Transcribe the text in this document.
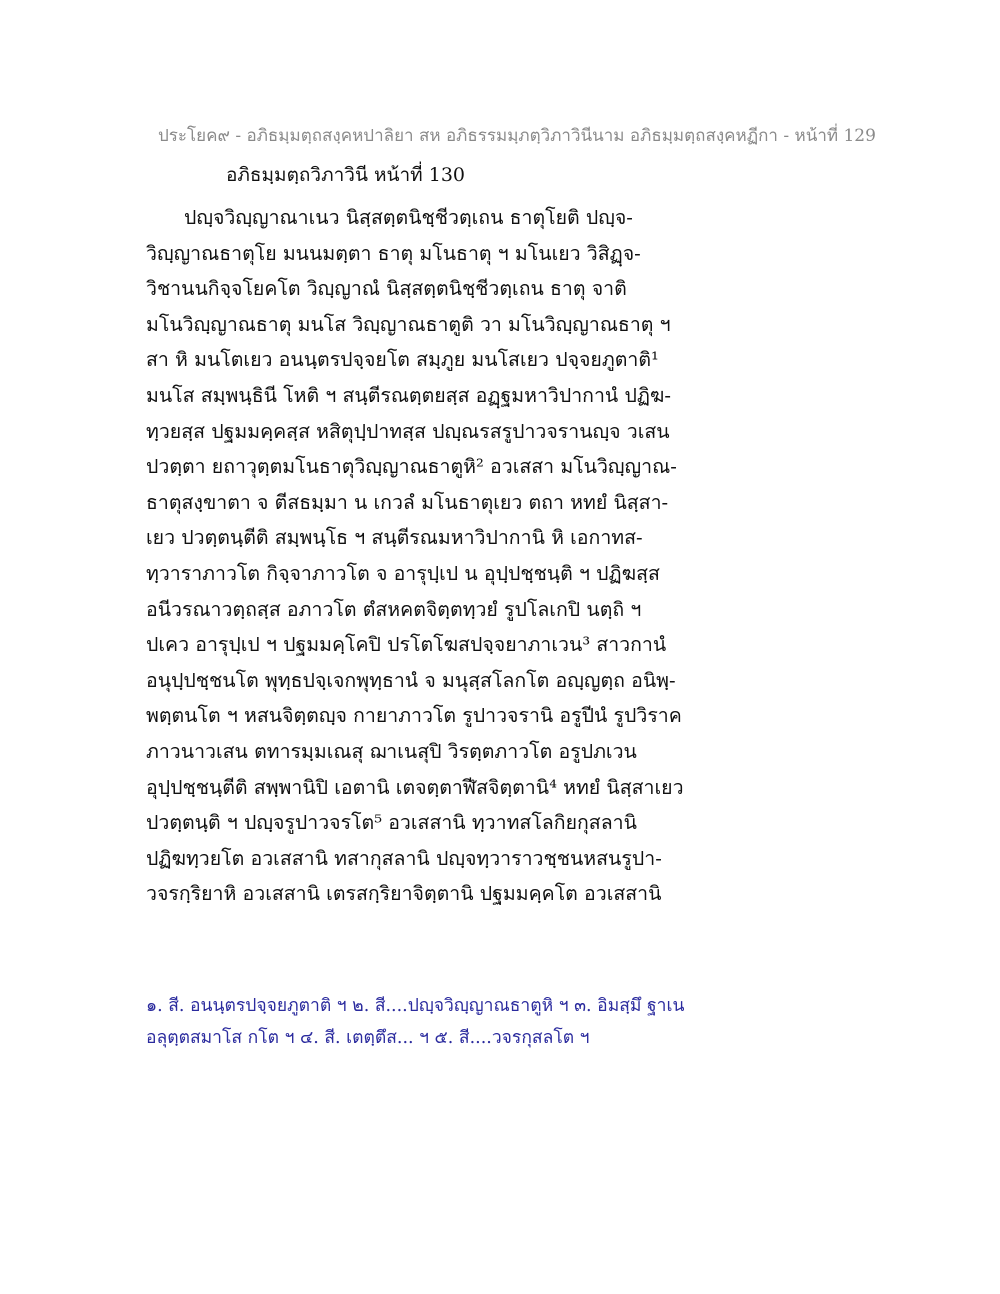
ประโยค๙ - อภิธมฺมตฺถสงฺคหปาลิยา สห อภิธรรมมฺภตฺวิภาวินีนาม อภิธมฺมตฺถสงฺคหฏีกา - หน้าที่ 129
อภิธมฺมตฺถวิภาวินี หน้าที่ 130
ปญฺจวิญฺญาณาเนว นิสฺสตฺตนิชฺชีวตฺเถน ธาตุโยติ ปญฺจ-
วิญฺญาณธาตุโย มนนมตฺตา ธาตุ มโนธาตุ ฯ มโนเยว วิสิฏฺจ-
วิชานนกิจฺจโยคโต วิญฺญาณํ นิสฺสตฺตนิชฺชีวตฺเถน ธาตุ จาติ
มโนวิญฺญาณธาตุ มนโส วิญฺญาณธาตูติ วา มโนวิญฺญาณธาตุ ฯ
สา หิ มนโตเยว อนนฺตรปจฺจยโต สมฺภูย มนโสเยว ปจฺจยภูตาติ¹
มนโส สมฺพนฺธินี โหติ ฯ สนฺตีรณตฺตยสฺส อฏฺฐมหาวิปากานํ ปฏิฆ-
ทฺวยสฺส ปฐมมคฺคสฺส หสิตุปฺปาทสฺส ปญฺณรสรูปาวจรานญฺจ วเสน
ปวตฺตา ยถาวุตฺตมโนธาตุวิญฺญาณธาตูหิ² อวเสสา มโนวิญฺญาณ-
ธาตุสงฺขาตา จ ตีสธมฺมา น เกวลํ มโนธาตุเยว ตถา หทยํ นิสฺสา-
เยว ปวตฺตนฺตีติ สมฺพนฺโธ ฯ สนฺตีรณมหาวิปากานิ หิ เอกาทส-
ทฺวาราภาวโต กิจฺจาภาวโต จ อารุปฺเป น อุปฺปชฺชนฺติ ฯ ปฏิฆสฺส
อนีวรณาวตฺถสฺส อภาวโต ตํสหคตจิตฺตทฺวยํ รูปโลเกปิ นตฺถิ ฯ
ปเคว อารุปฺเป ฯ ปฐมมคฺโคปิ ปรโตโฆสปจฺจยาภาเวน³ สาวกานํ
อนุปฺปชฺชนโต พุทฺธปจฺเจกพุทฺธานํ จ มนุสฺสโลกโต อญฺญตฺถ อนิพฺ-
พตฺตนโต ฯ หสนจิตฺตญฺจ กายาภาวโต รูปาวจรานิ อรูปีนํ รูปวิราค
ภาวนาวเสน ตทารมฺมเณสุ ฌาเนสุปิ วิรตฺตภาวโต อรูปภเวน
อุปฺปชฺชนฺตีติ สพฺพานิปิ เอตานิ เตจตฺตาฬีสจิตฺตานิ⁴ หทยํ นิสฺสาเยว
ปวตฺตนฺติ ฯ ปญฺจรูปาวจรโต⁵ อวเสสานิ ทฺวาทสโลกิยกุสลานิ
ปฏิฆทฺวยโต อวเสสานิ ทสากุสลานิ ปญฺจทฺวาราวชฺชนหสนรูปา-
วจรกฺริยาหิ อวเสสานิ เตรสกฺริยาจิตฺตานิ ปฐมมคฺคโต อวเสสานิ
๑. สี. อนนฺตรปจฺจยภูตาติ ฯ ๒. สี....ปญฺจวิญฺญาณธาตูหิ ฯ ๓. อิมสฺมึ ฐาเน
อลุตฺตสมาโส กโต ฯ ๔. สี. เตตฺตึส... ฯ ๕. สี....วจรกุสลโต ฯ
